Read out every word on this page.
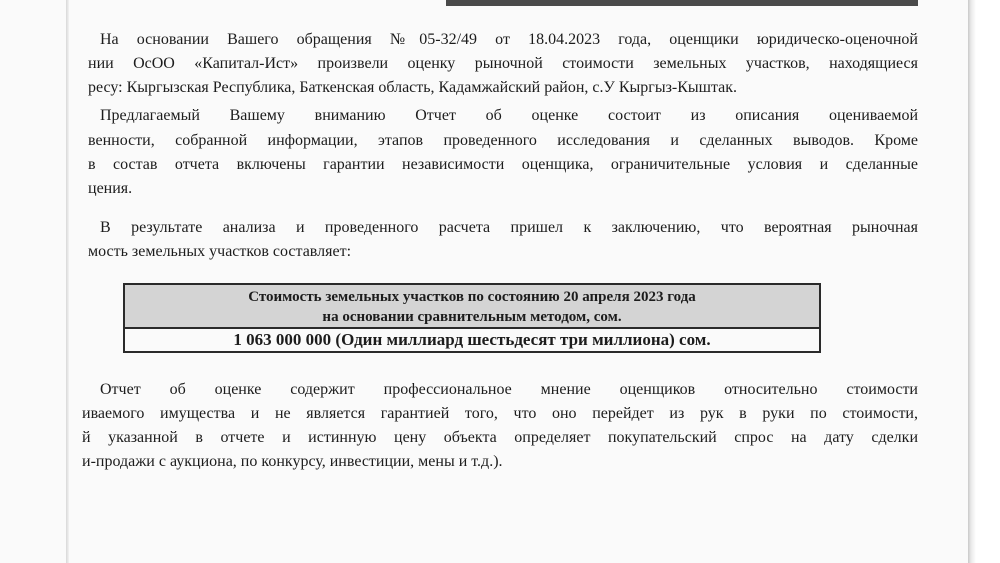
На основании Вашего обращения №05-32/49 от 18.04.2023 года, оценщики юридическо-оценочной
нии ОсОО «Капитал-Ист» произвели оценку рыночной стоимости земельных участков, находящиеся
ресу: Кыргызская Республика, Баткенская область, Кадамжайский район, с.У Кыргыз-Кыштак.
Предлагаемый Вашему вниманию Отчет об оценке состоит из описания оцениваемой
венности, собранной информации, этапов проведенного исследования и сделанных выводов. Кроме
в состав отчета включены гарантии независимости оценщика, ограничительные условия и сделанные
цения.
В результате анализа и проведенного расчета пришел к заключению, что вероятная рыночная
мость земельных участков составляет:
Стоимость земельных участков по состоянию 20 апреля 2023 года
на основании сравнительным методом, сом.
1 063 000 000 (Один миллиард шестьдесят три миллиона) сом.
Отчет об оценке содержит профессиональное мнение оценщиков относительно стоимости
иваемого имущества и не является гарантией того, что оно перейдет из рук в руки по стоимости,
й указанной в отчете и истинную цену объекта определяет покупательский спрос на дату сделки
и-продажи с аукциона, по конкурсу, инвестиции, мены и т.д.).
